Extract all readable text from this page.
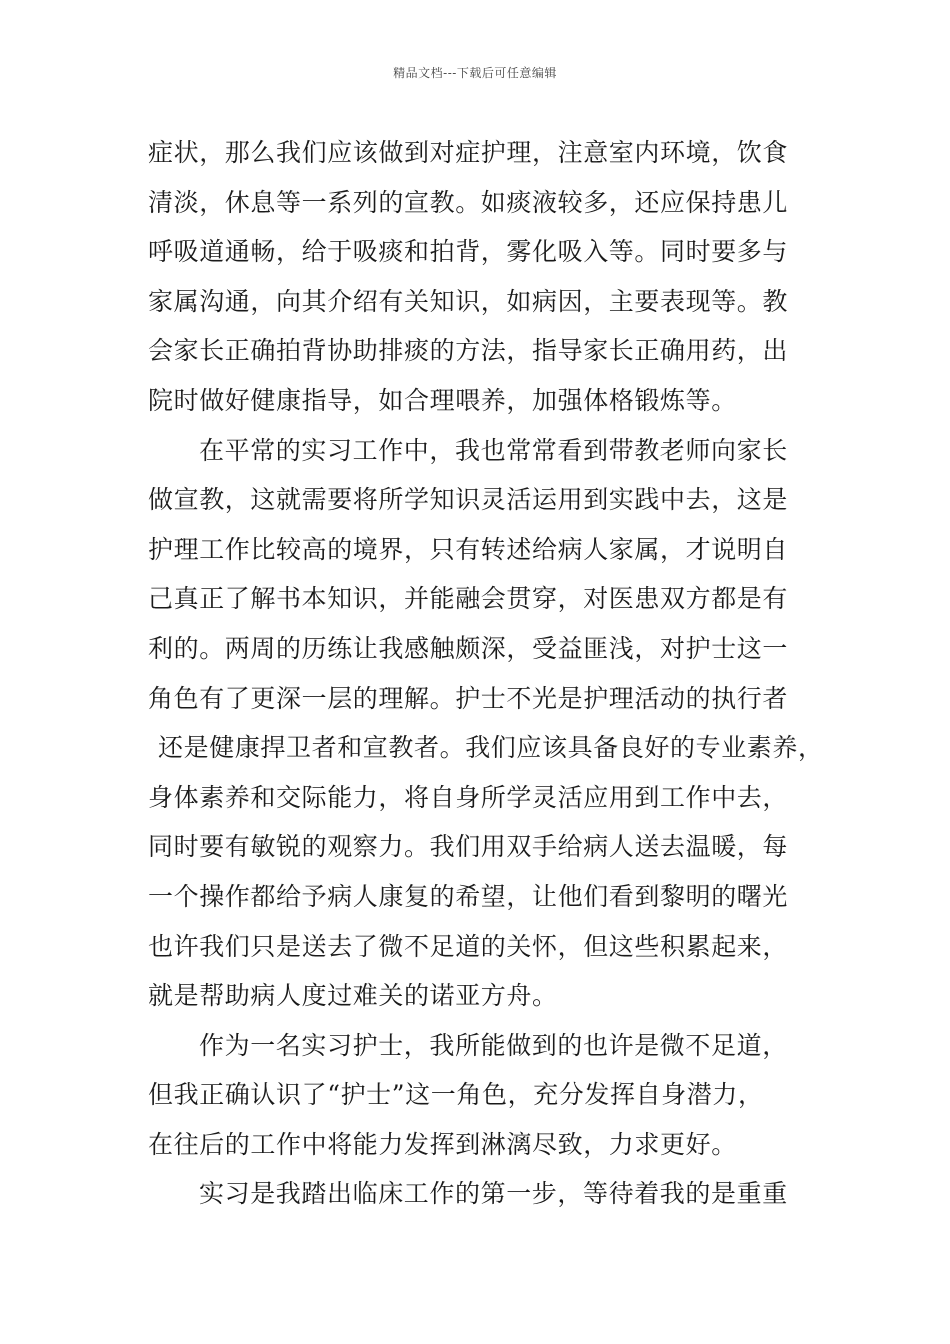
精品文档---下载后可任意编辑
症状，那么我们应该做到对症护理，注意室内环境，饮食
清淡，休息等一系列的宣教。如痰液较多，还应保持患儿
呼吸道通畅，给于吸痰和拍背，雾化吸入等。同时要多与
家属沟通，向其介绍有关知识，如病因，主要表现等。教
会家长正确拍背协助排痰的方法，指导家长正确用药，出
院时做好健康指导，如合理喂养，加强体格锻炼等。
在平常的实习工作中，我也常常看到带教老师向家长
做宣教，这就需要将所学知识灵活运用到实践中去，这是
护理工作比较高的境界，只有转述给病人家属，才说明自
己真正了解书本知识，并能融会贯穿，对医患双方都是有
利的。两周的历练让我感触颇深，受益匪浅，对护士这一
角色有了更深一层的理解。护士不光是护理活动的执行者
还是健康捍卫者和宣教者。我们应该具备良好的专业素养，
身体素养和交际能力，将自身所学灵活应用到工作中去，
同时要有敏锐的观察力。我们用双手给病人送去温暖，每
一个操作都给予病人康复的希望，让他们看到黎明的曙光
也许我们只是送去了微不足道的关怀，但这些积累起来，
就是帮助病人度过难关的诺亚方舟。
作为一名实习护士，我所能做到的也许是微不足道，
但我正确认识了“护士”这一角色，充分发挥自身潜力，
在往后的工作中将能力发挥到淋漓尽致，力求更好。
实习是我踏出临床工作的第一步，等待着我的是重重
